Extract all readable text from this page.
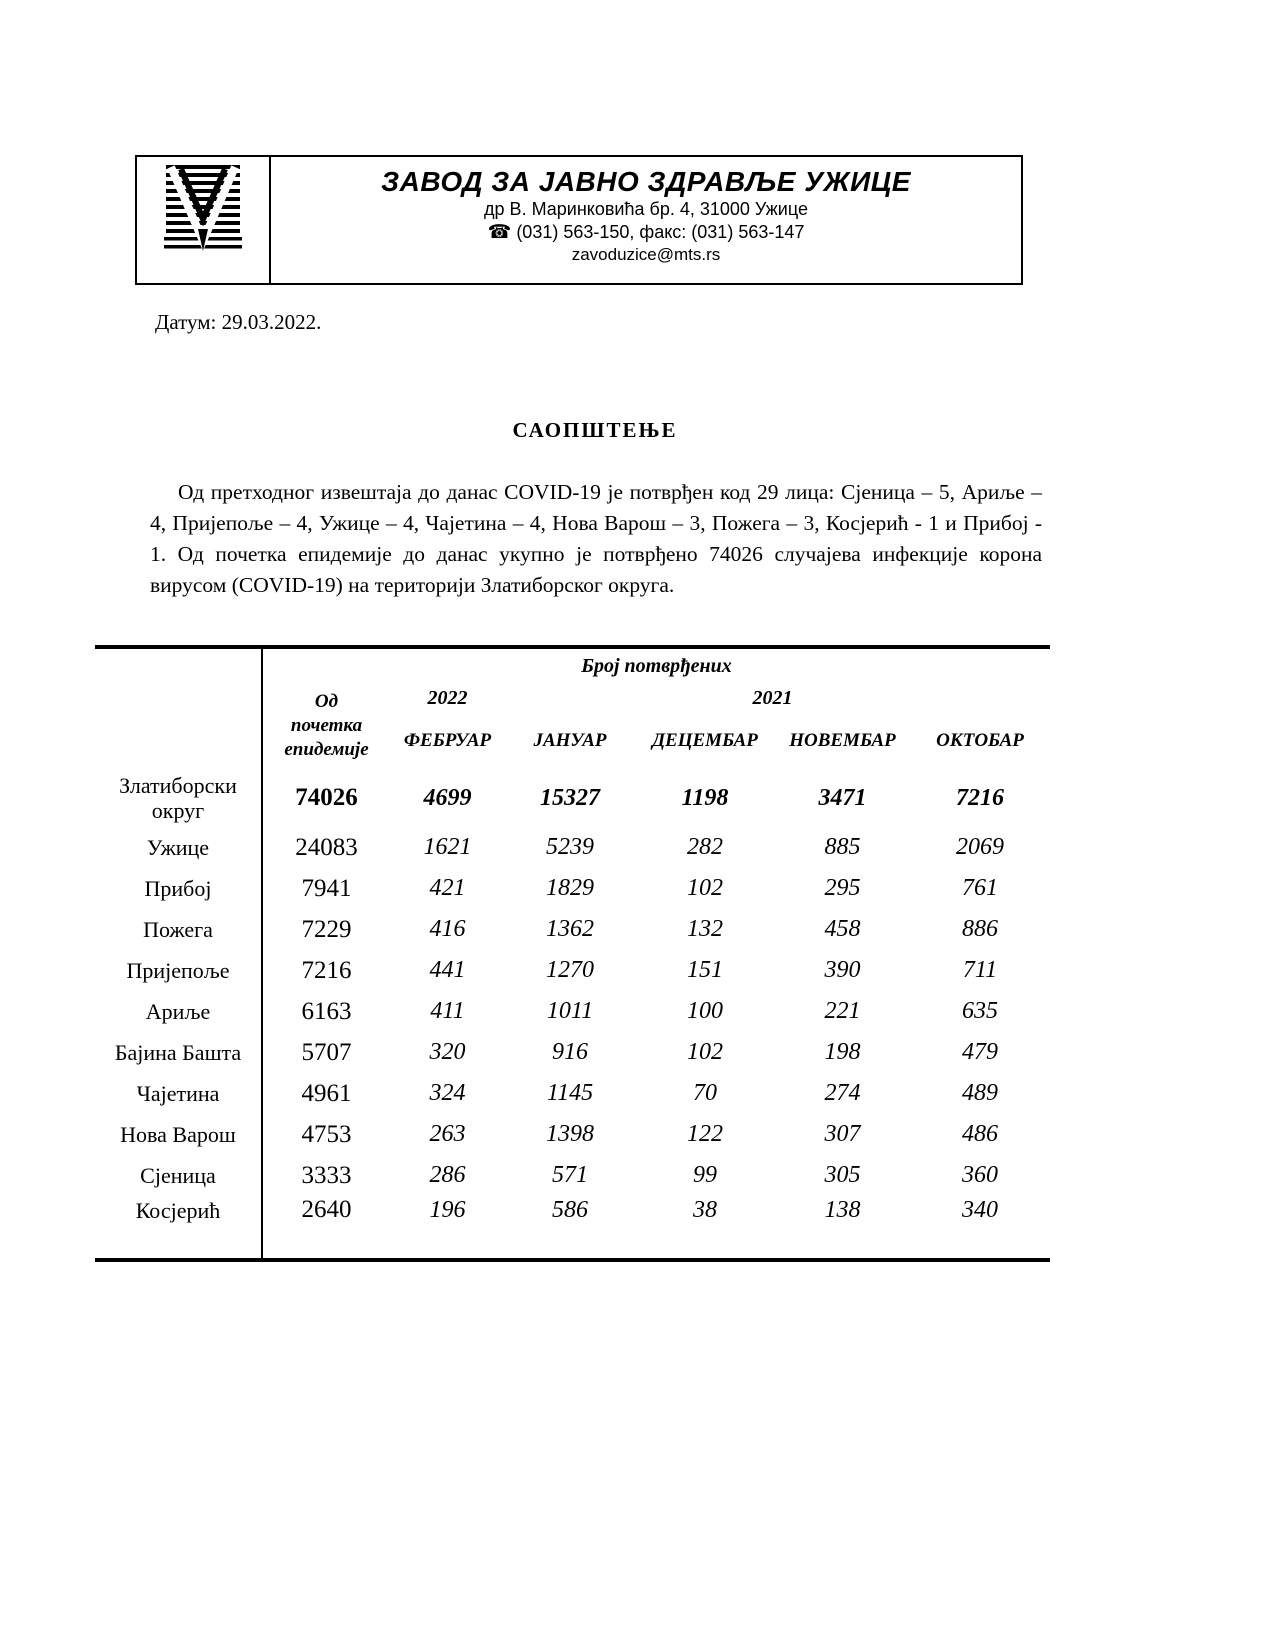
ЗАВОД ЗА ЈАВНО ЗДРАВЉЕ УЖИЦЕ
др В. Маринковића бр. 4, 31000 Ужице
☎ (031) 563-150, факс: (031) 563-147
zavoduzice@mts.rs
Датум: 29.03.2022.
САОПШТЕЊЕ

Од претходног извештаја до данас COVID-19 је потврђен код 29 лица: Сјеница – 5, Ариље – 4, Пријепоље – 4, Ужице – 4, Чајетина – 4, Нова Варош – 3, Пожега – 3, Косјерић - 1 и Прибој - 1. Од почетка епидемије до данас укупно је потврђено 74026 случајева инфекције корона вирусом (COVID-19) на територији Златиборског округа.

	Број потврђених					
	Од почетка епидемије	2022		2021		
		ФЕБРУАР	ЈАНУАР	ДЕЦЕМБАР	НОВЕМБАР	ОКТОБАР
Златиборски округ	74026	4699	15327	1198	3471	7216
Ужице	24083	1621	5239	282	885	2069
Прибој	7941	421	1829	102	295	761
Пожега	7229	416	1362	132	458	886
Пријепоље	7216	441	1270	151	390	711
Ариље	6163	411	1011	100	221	635
Бајина Башта	5707	320	916	102	198	479
Чајетина	4961	324	1145	70	274	489
Нова Варош	4753	263	1398	122	307	486
Сјеница	3333	286	571	99	305	360
Косјерић	2640	196	586	38	138	340
